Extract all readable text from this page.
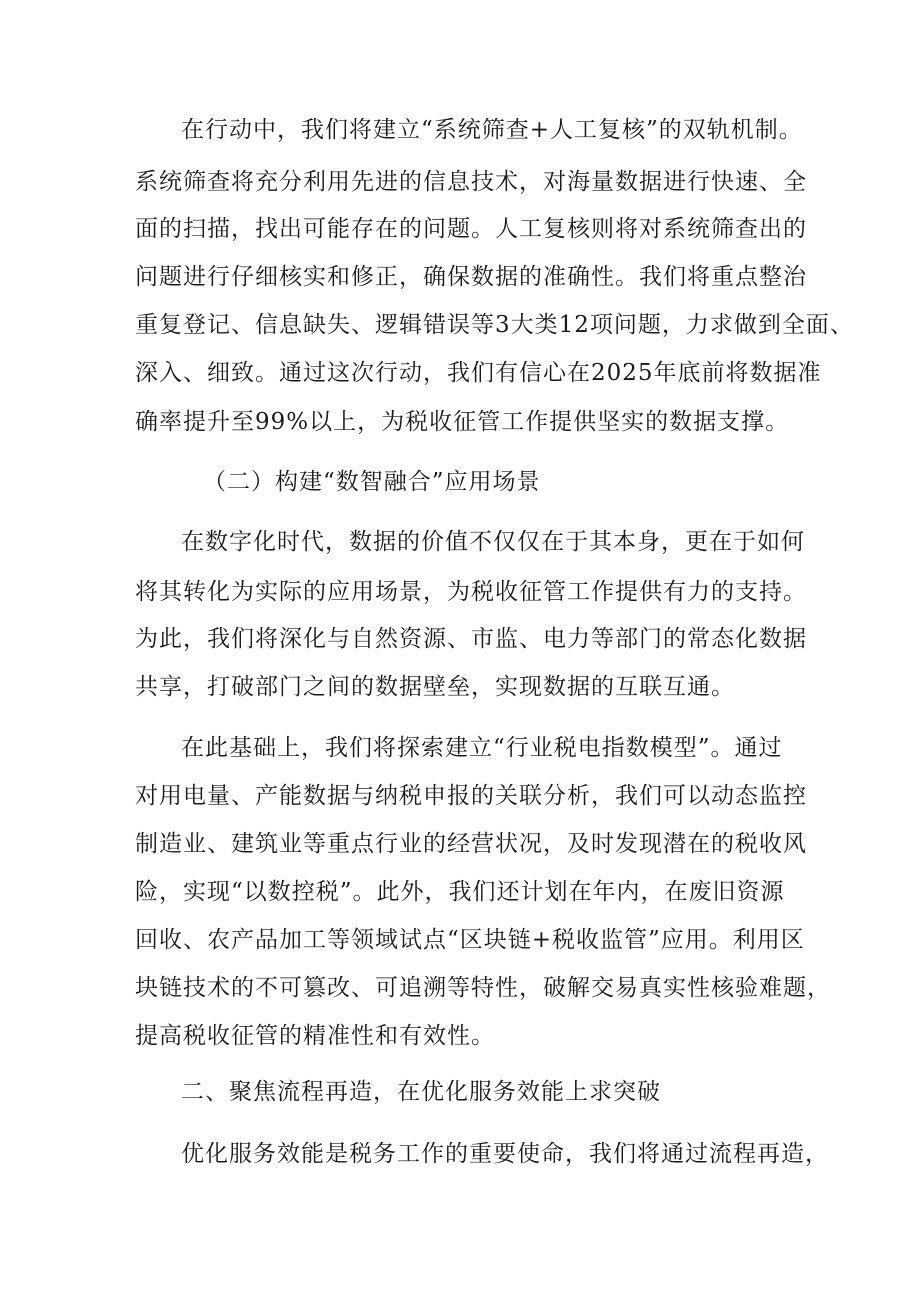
在行动中，我们将建立“系统筛查+人工复核”的双轨机制。
系统筛查将充分利用先进的信息技术，对海量数据进行快速、全
面的扫描，找出可能存在的问题。人工复核则将对系统筛查出的
问题进行仔细核实和修正，确保数据的准确性。我们将重点整治
重复登记、信息缺失、逻辑错误等3大类12项问题，力求做到全面、
深入、细致。通过这次行动，我们有信心在2025年底前将数据准
确率提升至99%以上，为税收征管工作提供坚实的数据支撑。
（二）构建“数智融合”应用场景
在数字化时代，数据的价值不仅仅在于其本身，更在于如何
将其转化为实际的应用场景，为税收征管工作提供有力的支持。
为此，我们将深化与自然资源、市监、电力等部门的常态化数据
共享，打破部门之间的数据壁垒，实现数据的互联互通。
在此基础上，我们将探索建立“行业税电指数模型”。通过
对用电量、产能数据与纳税申报的关联分析，我们可以动态监控
制造业、建筑业等重点行业的经营状况，及时发现潜在的税收风
险，实现“以数控税”。此外，我们还计划在年内，在废旧资源
回收、农产品加工等领域试点“区块链+税收监管”应用。利用区
块链技术的不可篡改、可追溯等特性，破解交易真实性核验难题，
提高税收征管的精准性和有效性。
二、聚焦流程再造，在优化服务效能上求突破
优化服务效能是税务工作的重要使命，我们将通过流程再造，
